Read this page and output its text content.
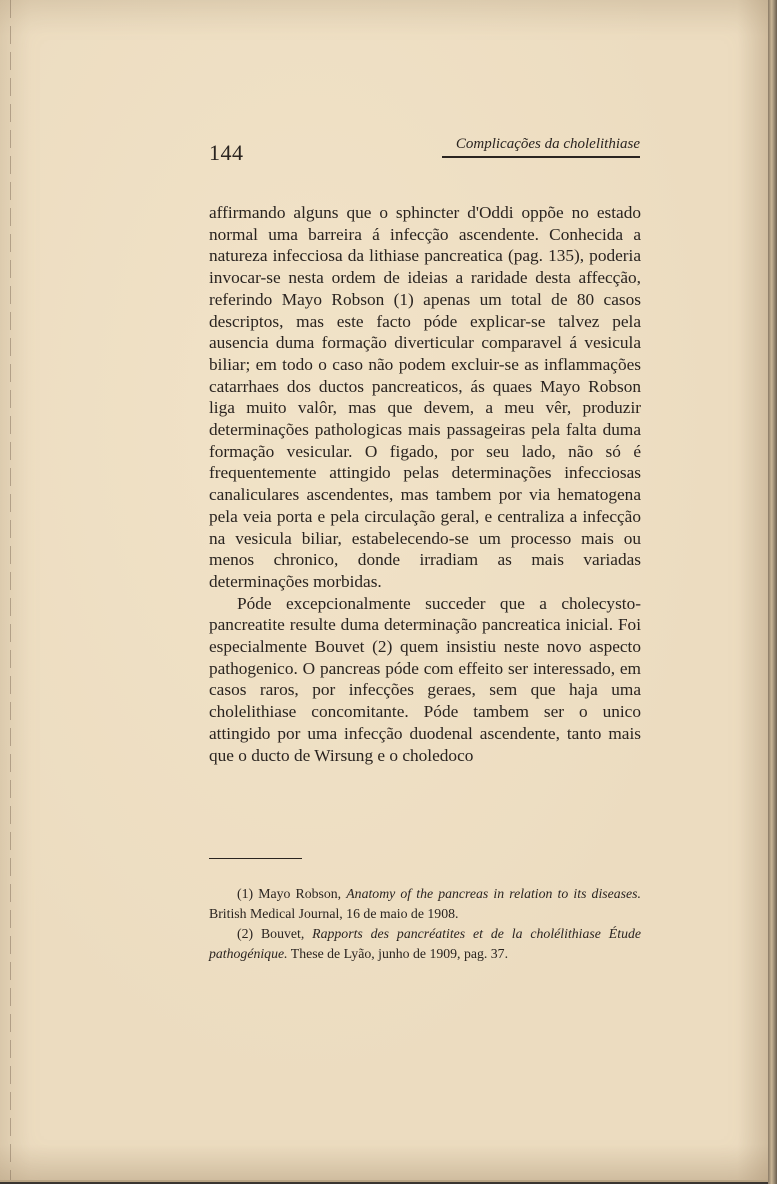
144	Complicações da cholelithiase

affirmando alguns que o sphincter d'Oddi oppõe no estado normal uma barreira á infecção ascendente. Conhecida a natureza infecciosa da lithiase pancreatica (pag. 135), poderia invocar-se nesta ordem de ideias a raridade desta affecção, referindo Mayo Robson (1) apenas um total de 80 casos descriptos, mas este facto póde explicar-se talvez pela ausencia duma formação diverticular comparavel á vesicula biliar; em todo o caso não podem excluir-se as inflammações catarrhaes dos ductos pancreaticos, ás quaes Mayo Robson liga muito valôr, mas que devem, a meu vêr, produzir determinações pathologicas mais passageiras pela falta duma formação vesicular. O figado, por seu lado, não só é frequentemente attingido pelas determinações infecciosas canaliculares ascendentes, mas tambem por via hematogena pela veia porta e pela circulação geral, e centraliza a infecção na vesicula biliar, estabelecendo-se um processo mais ou menos chronico, donde irradiam as mais variadas determinações morbidas.

Póde excepcionalmente succeder que a cholecysto-pancreatite resulte duma determinação pancreatica inicial. Foi especialmente Bouvet (2) quem insistiu neste novo aspecto pathogenico. O pancreas póde com effeito ser interessado, em casos raros, por infecções geraes, sem que haja uma cholelithiase concomitante. Póde tambem ser o unico attingido por uma infecção duodenal ascendente, tanto mais que o ducto de Wirsung e o choledoco

(1) Mayo Robson, Anatomy of the pancreas in relation to its diseases. British Medical Journal, 16 de maio de 1908.

(2) Bouvet, Rapports des pancréatites et de la cholélithiase Étude pathogénique. These de Lyão, junho de 1909, pag. 37.
